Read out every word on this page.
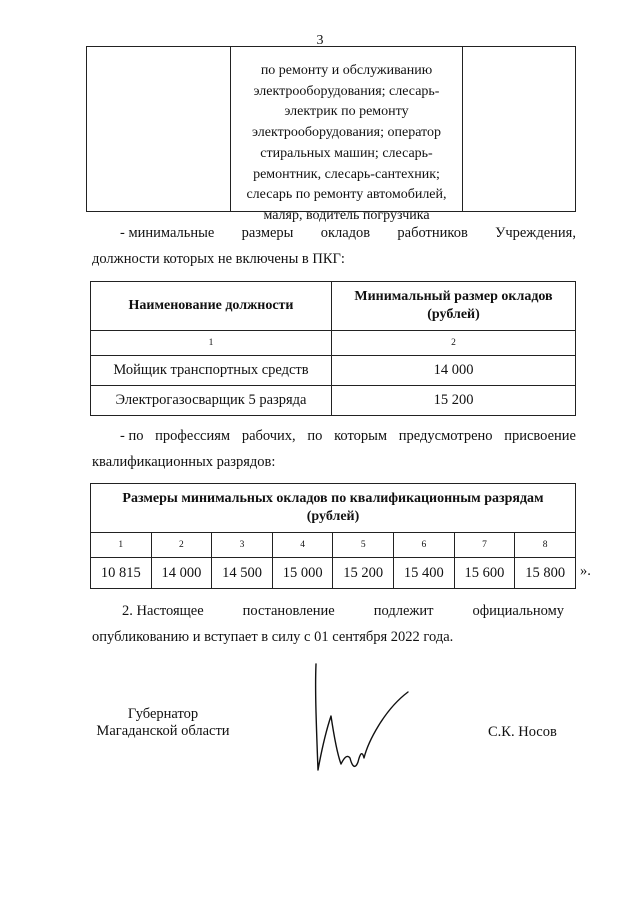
3
по ремонту и обслуживанию
электрооборудования; слесарь-
электрик по ремонту
электрооборудования; оператор
стиральных машин; слесарь-
ремонтник, слесарь-сантехник;
слесарь по ремонту автомобилей,
маляр, водитель погрузчика
- минимальные размеры окладов работников Учреждения,
должности которых не включены в ПКГ:
Наименование должности	Минимальный размер окладов (рублей)
1	2
Мойщик транспортных средств	14 000
Электрогазосварщик 5 разряда	15 200
- по профессиям рабочих, по которым предусмотрено присвоение
квалификационных разрядов:
Размеры минимальных окладов по квалификационным разрядам (рублей)							
1	2	3	4	5	6	7	8
10 815	14 000	14 500	15 000	15 200	15 400	15 600	15 800 ».
2. Настоящее	постановление	подлежит	официальному
опубликованию и вступает в силу с 01 сентября 2022 года.
Губернатор
Магаданской области	С.К. Носов
